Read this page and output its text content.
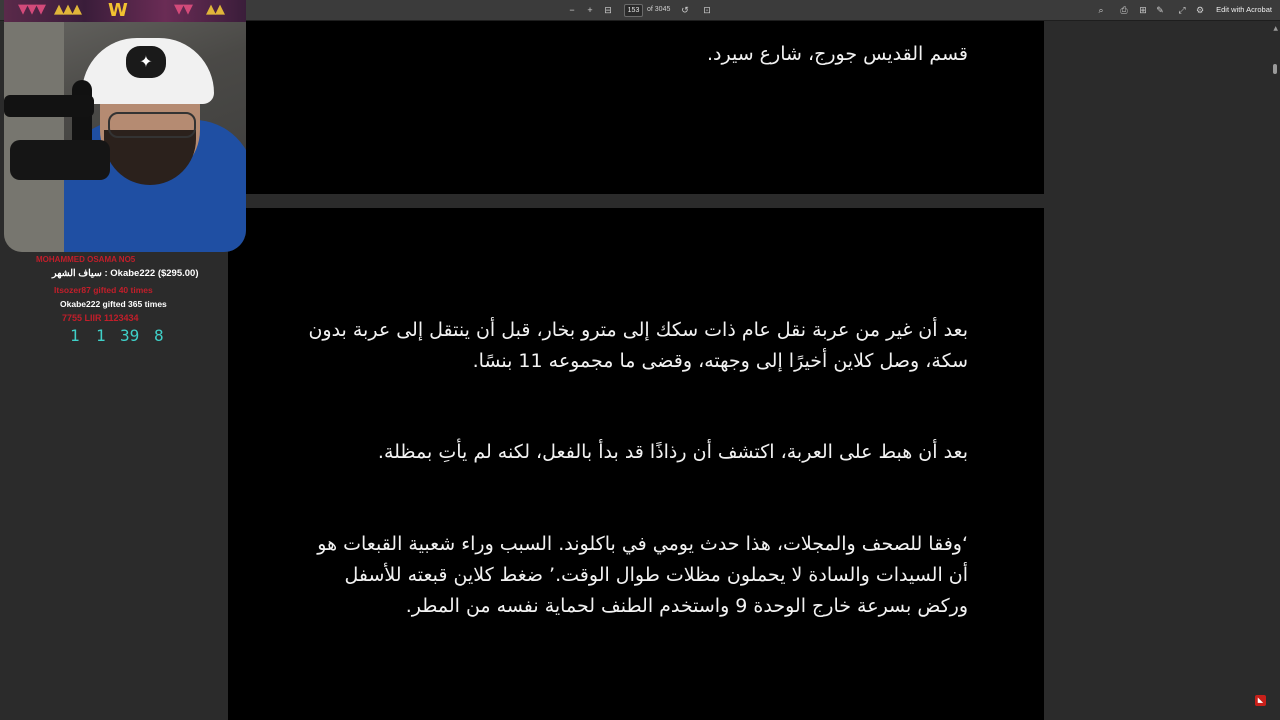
−	+	⊟
153	of 3045	↺	⊡	⌕	⎙	⊞	✎	⤢	⚙	Edit with Acrobat

قسم القديس جورج، شارع سيرد.

بعد أن غير من عربة نقل عام ذات سكك إلى مترو بخار، قبل أن ينتقل إلى عربة بدون سكة، وصل كلاين أخيرًا إلى وجهته، وقضى ما مجموعه 11 بنسًا.

بعد أن هبط على العربة، اكتشف أن رذاذًا قد بدأ بالفعل، لكنه لم يأتِ بمظلة.

‘وفقا للصحف والمجلات، هذا حدث يومي في باكلوند. السبب وراء شعبية القبعات هو أن السيدات والسادة لا يحملون مظلات طوال الوقت.’ ضغط كلاين قبعته للأسفل وركض بسرعة خارج الوحدة 9 واستخدم الطنف لحماية نفسه من المطر.

▲
◣
▼▼▼ ▲▲▲ W	▼▼ ▲▲
✦
MOHAMMED OSAMA NO5
سياف الشهر : Okabe222 ($295.00)
Itsozer87 gifted 40 times
Okabe222 gifted 365 times
7755 LIIR 1123434
1	1 39 8
